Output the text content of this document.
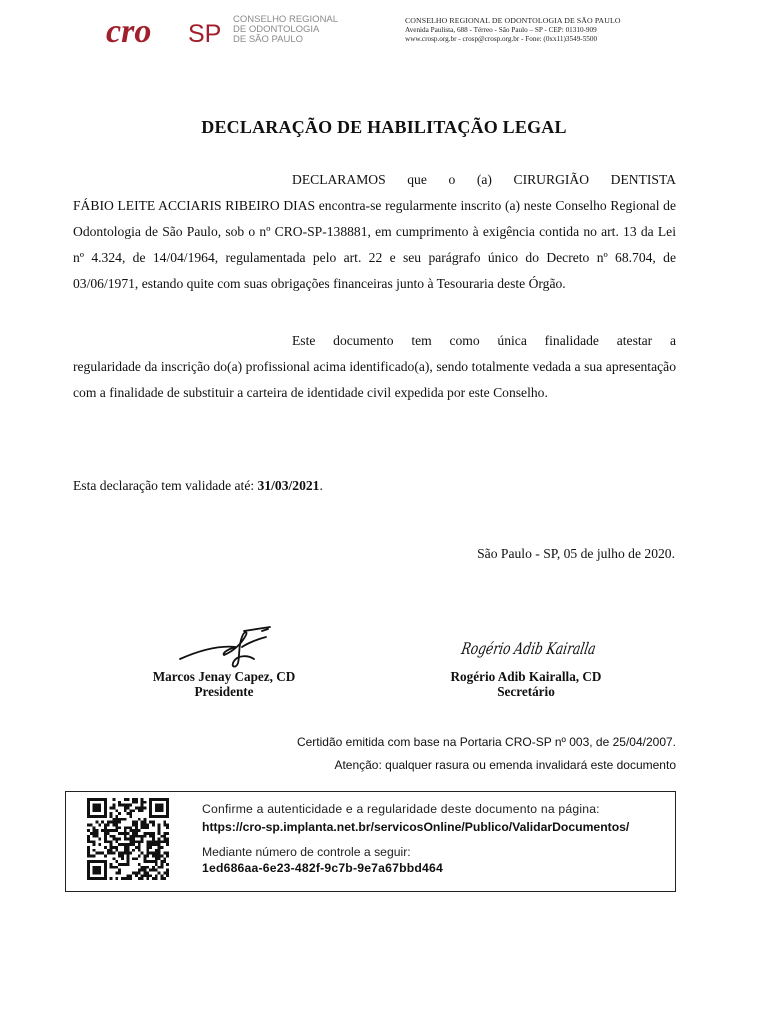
cro SP
CONSELHO REGIONAL
DE ODONTOLOGIA
DE SÃO PAULO
CONSELHO REGIONAL DE ODONTOLOGIA DE SÃO PAULO
Avenida Paulista, 688 - Térreo - São Paulo – SP - CEP: 01310-909
www.crosp.org.br - crosp@crosp.org.br - Fone: (0xx11)3549-5500
DECLARAÇÃO DE HABILITAÇÃO LEGAL
DECLARAMOS que o (a) CIRURGIÃO DENTISTA
FÁBIO LEITE ACCIARIS RIBEIRO DIAS encontra-se regularmente inscrito (a) neste Conselho Regional de Odontologia de São Paulo, sob o nº CRO-SP-138881, em cumprimento à exigência contida no art. 13 da Lei nº 4.324, de 14/04/1964, regulamentada pelo art. 22 e seu parágrafo único do Decreto nº 68.704, de 03/06/1971, estando quite com suas obrigações financeiras junto à Tesouraria deste Órgão.
Este documento tem como única finalidade atestar a
regularidade da inscrição do(a) profissional acima identificado(a), sendo totalmente vedada a sua apresentação com a finalidade de substituir a carteira de identidade civil expedida por este Conselho.
Esta declaração tem validade até: 31/03/2021.
São Paulo - SP, 05 de julho de 2020.
Rogério Adib Kairalla
Marcos Jenay Capez, CD
Presidente
Rogério Adib Kairalla, CD
Secretário
Certidão emitida com base na Portaria CRO-SP nº 003, de 25/04/2007.
Atenção: qualquer rasura ou emenda invalidará este documento
Confirme a autenticidade e a regularidade deste documento na página:
https://cro-sp.implanta.net.br/servicosOnline/Publico/ValidarDocumentos/
Mediante número de controle a seguir:
1ed686aa-6e23-482f-9c7b-9e7a67bbd464
